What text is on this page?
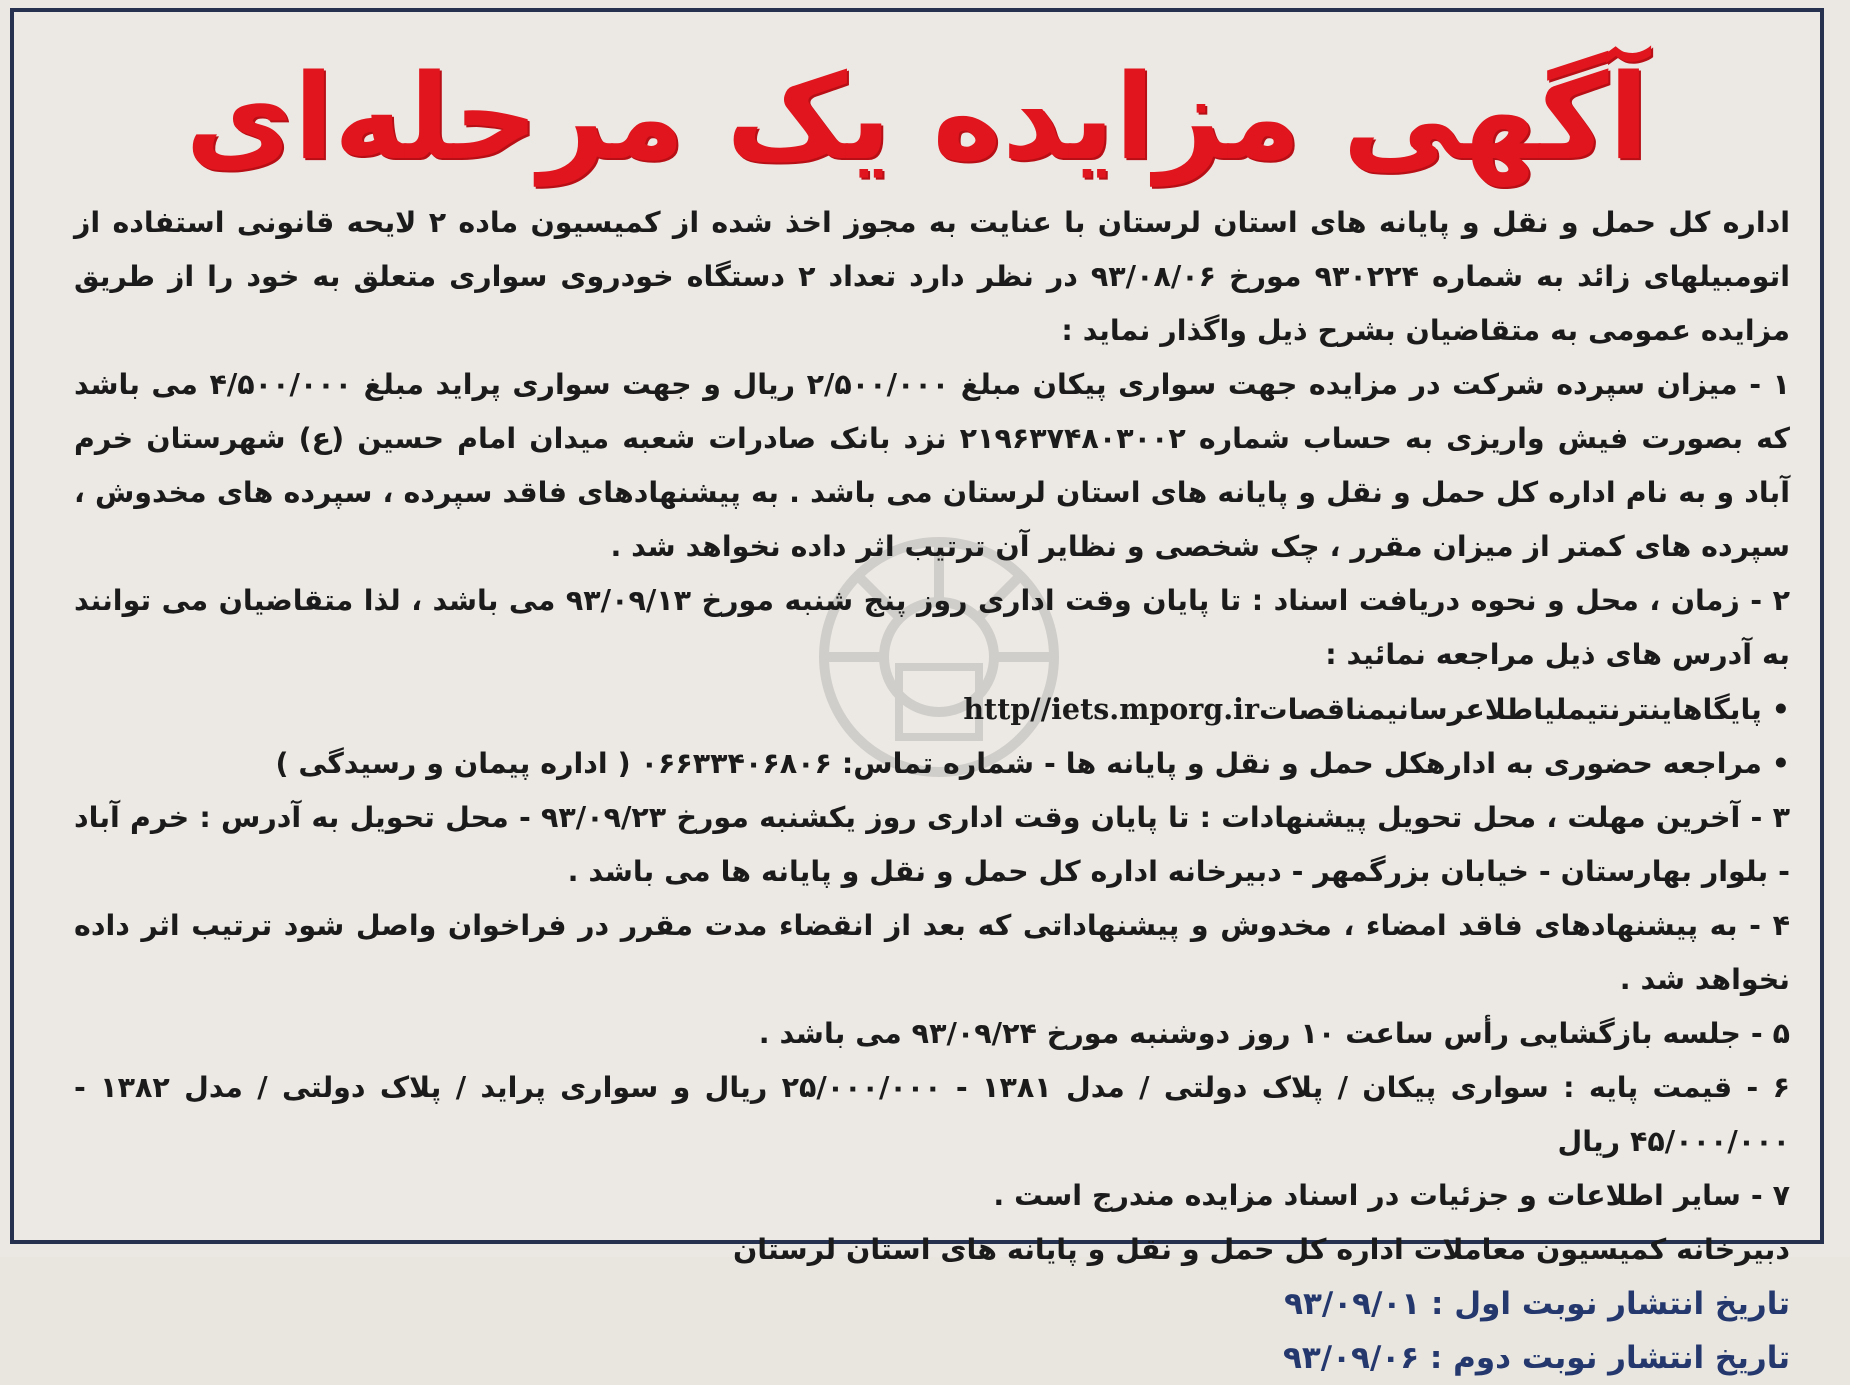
آگهی مزایده یک مرحله‌ای

اداره کل حمل و نقل و پایانه های استان لرستان با عنایت به مجوز اخذ شده از کمیسیون ماده ۲ لایحه قانونی استفاده از اتومبیلهای زائد به شماره ۹۳۰۲۲۴ مورخ ۹۳/۰۸/۰۶ در نظر دارد تعداد ۲ دستگاه خودروی سواری متعلق به خود را از طریق مزایده عمومی به متقاضیان بشرح ذیل واگذار نماید :

۱ - میزان سپرده شرکت در مزایده جهت سواری پیکان مبلغ ۲/۵۰۰/۰۰۰ ریال و جهت سواری پراید مبلغ ۴/۵۰۰/۰۰۰ می باشد که بصورت فیش واریزی به حساب شماره ۲۱۹۶۳۷۴۸۰۳۰۰۲ نزد بانک صادرات شعبه میدان امام حسین (ع) شهرستان خرم آباد و به نام اداره کل حمل و نقل و پایانه های استان لرستان می باشد . به پیشنهادهای فاقد سپرده ، سپرده های مخدوش ، سپرده های کمتر از میزان مقرر ، چک شخصی و نظایر آن ترتیب اثر داده نخواهد شد .

۲ - زمان ، محل و نحوه دریافت اسناد : تا پایان وقت اداری روز پنج شنبه مورخ ۹۳/۰۹/۱۳ می باشد ، لذا متقاضیان می توانند به آدرس های ذیل مراجعه نمائید :

• پایگاهاینترنتیملیاطلاعرسانیمناقصاتhttp//iets.mporg.ir

• مراجعه حضوری به ادارهکل حمل و نقل و پایانه ها - شماره تماس: ۰۶۶۳۳۴۰۶۸۰۶ ( اداره پیمان و رسیدگی )

۳ - آخرین مهلت ، محل تحویل پیشنهادات : تا پایان وقت اداری روز یکشنبه مورخ ۹۳/۰۹/۲۳ - محل تحویل به آدرس : خرم آباد - بلوار بهارستان - خیابان بزرگمهر - دبیرخانه اداره کل حمل و نقل و پایانه ها می باشد .

۴ - به پیشنهادهای فاقد امضاء ، مخدوش و پیشنهاداتی که بعد از انقضاء مدت مقرر در فراخوان واصل شود ترتیب اثر داده نخواهد شد .

۵ - جلسه بازگشایی رأس ساعت ۱۰ روز دوشنبه مورخ ۹۳/۰۹/۲۴ می باشد .

۶ - قیمت پایه : سواری پیکان / پلاک دولتی / مدل ۱۳۸۱ - ۲۵/۰۰۰/۰۰۰ ریال و سواری پراید / پلاک دولتی / مدل ۱۳۸۲ - ۴۵/۰۰۰/۰۰۰ ریال

۷ - سایر اطلاعات و جزئیات در اسناد مزایده مندرج است .

دبیرخانه کمیسیون معاملات اداره کل حمل و نقل و پایانه های استان لرستان

تاریخ انتشار نوبت اول : ۹۳/۰۹/۰۱

تاریخ انتشار نوبت دوم : ۹۳/۰۹/۰۶
